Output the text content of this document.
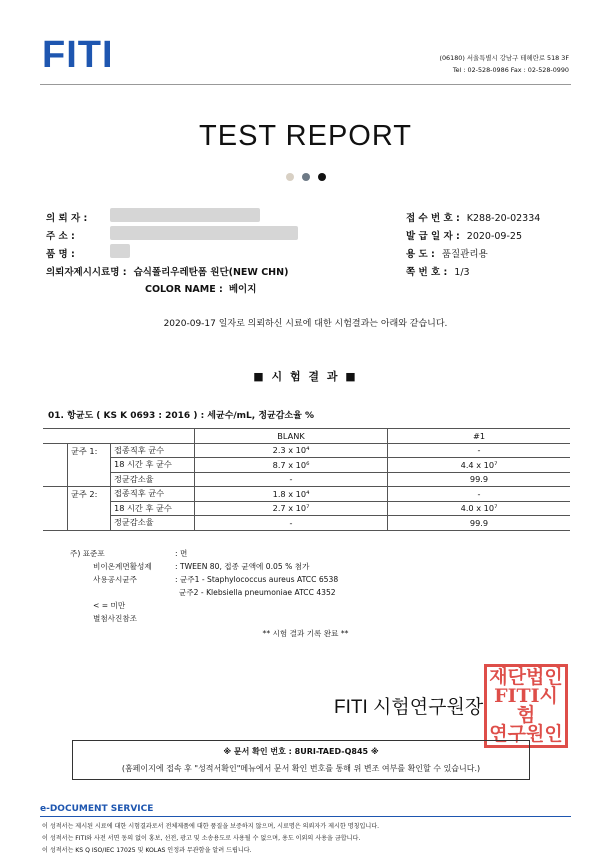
FITI	(06180) 서울특별시 강남구 테헤란로 518 3F
Tel : 02-528-0986 Fax : 02-528-0990
TEST REPORT
의 뢰 자 :
주 소 :
품 명 :
의뢰자제시시료명 : 습식폴리우레탄폼 원단(NEW CHN)
COLOR NAME : 베이지
접 수 번 호 : K288-20-02334
발 급 일 자 : 2020-09-25
용 도 : 품질관리용
쪽 번 호 : 1/3
2020-09-17 일자로 의뢰하신 시료에 대한 시험결과는 아래와 같습니다.
■ 시 험 결 과 ■
01. 항균도 ( KS K 0693 : 2016 ) : 세균수/mL, 정균감소율 %
			BLANK	#1
	균주 1:	접종직후 균수	2.3 x 10⁴	-
		18 시간 후 균수	8.7 x 10⁶	4.4 x 10⁷
		정균감소율	-	99.9
	균주 2:	접종직후 균수	1.8 x 10⁴	-
		18 시간 후 균수	2.7 x 10⁷	4.0 x 10⁷
		정균감소율	-	99.9
주) 표준포	: 면
비이온계면활성제	: TWEEN 80, 접종 균액에 0.05 % 첨가
사용공시균주	: 균주1 - Staphylococcus aureus ATCC 6538
균주2 - Klebsiella pneumoniae ATCC 4352
< = 미만
별첨사진참조
** 시험 결과 기록 완료 **
FITI 시험연구원장
재단법인
FITI시험
연구원인
※ 문서 확인 번호 : 8URI-TAED-Q845 ※
(홈페이지에 접속 후 "성적서확인"메뉴에서 문서 확인 번호를 통해 위 변조 여부를 확인할 수 있습니다.)
e-DOCUMENT SERVICE
이 성적서는 제시된 시료에 대한 시험결과로서 전체제품에 대한 품질을 보증하지 않으며, 시료명은 의뢰자가 제시한 명칭입니다.
이 성적서는 FITI와 사전 서면 동의 없이 홍보, 선전, 광고 및 소송용도로 사용될 수 없으며, 용도 이외의 사용을 금합니다.
이 성적서는 KS Q ISO/IEC 17025 및 KOLAS 인정과 무관함을 알려 드립니다.
